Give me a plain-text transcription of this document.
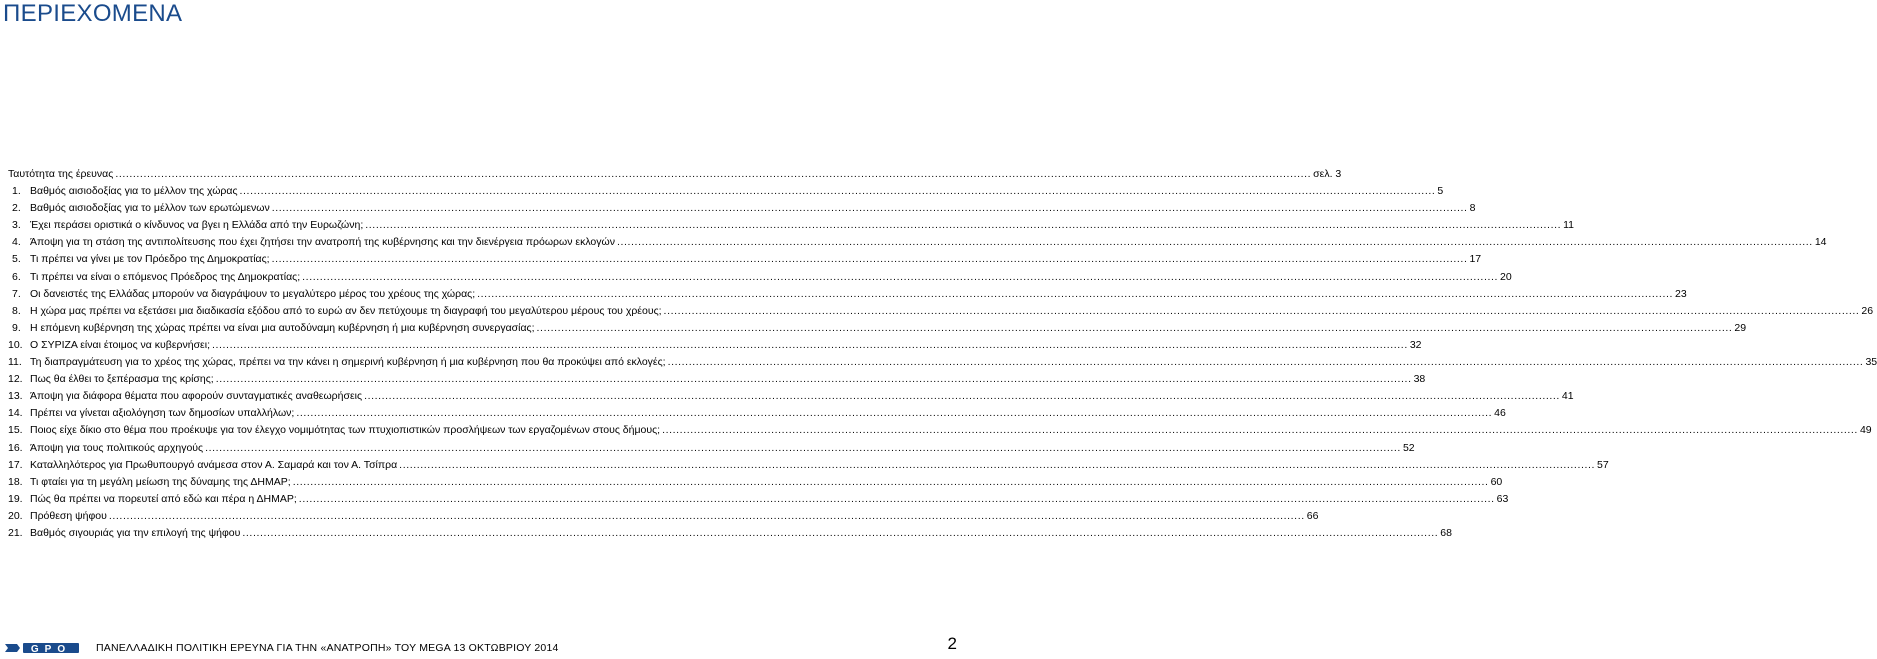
ΠΕΡΙΕΧΟΜΕΝΑ
Ταυτότητα της έρευνας .....	σελ. 3
1. Βαθμός αισιοδοξίας για το μέλλον της χώρας .....	5
2. Βαθμός αισιοδοξίας για το μέλλον των ερωτώμενων .....	8
3. Έχει περάσει οριστικά ο κίνδυνος να βγει η Ελλάδα από την Ευρωζώνη; .....	11
4. Άποψη για τη στάση της αντιπολίτευσης που έχει ζητήσει την ανατροπή της κυβέρνησης και την διενέργεια πρόωρων εκλογών .....	14
5. Τι πρέπει να γίνει με τον Πρόεδρο της Δημοκρατίας; .....	17
6. Τι πρέπει να είναι ο επόμενος Πρόεδρος της Δημοκρατίας; .....	20
7. Οι δανειστές της Ελλάδας μπορούν να διαγράψουν το μεγαλύτερο μέρος του χρέους της χώρας; .....	23
8. Η χώρα μας πρέπει να εξετάσει μια διαδικασία εξόδου από το ευρώ αν δεν πετύχουμε τη διαγραφή του μεγαλύτερου μέρους του χρέους; .....	26
9. Η επόμενη κυβέρνηση της χώρας πρέπει να είναι μια αυτοδύναμη κυβέρνηση ή μια κυβέρνηση συνεργασίας; .....	29
10. Ο ΣΥΡΙΖΑ είναι έτοιμος να κυβερνήσει; .....	32
11. Τη διαπραγμάτευση για το χρέος της χώρας, πρέπει να την κάνει η σημερινή κυβέρνηση ή μια κυβέρνηση που θα προκύψει από εκλογές; .....	35
12. Πως θα έλθει το ξεπέρασμα της κρίσης; .....	38
13. Άποψη για διάφορα θέματα που αφορούν συνταγματικές αναθεωρήσεις .....	41
14. Πρέπει να γίνεται αξιολόγηση των δημοσίων υπαλλήλων; .....	46
15. Ποιος είχε δίκιο στο θέμα που προέκυψε για τον έλεγχο νομιμότητας των πτυχιοπιστικών προσλήψεων των εργαζομένων στους δήμους; .....	49
16. Άποψη για τους πολιτικούς αρχηγούς .....	52
17. Καταλληλότερος για Πρωθυπουργό ανάμεσα στον Α. Σαμαρά και τον Α. Τσίπρα .....	57
18. Τι φταίει για τη μεγάλη μείωση της δύναμης της ΔΗΜΑΡ; .....	60
19. Πώς θα πρέπει να πορευτεί από εδώ και πέρα η ΔΗΜΑΡ; .....	63
20. Πρόθεση ψήφου .....	66
21. Βαθμός σιγουριάς για την επιλογή της ψήφου .....	68
GPO ΠΑΝΕΛΛΑΔΙΚΗ ΠΟΛΙΤΙΚΗ ΕΡΕΥΝΑ ΓΙΑ ΤΗΝ «ΑΝΑΤΡΟΠΗ» ΤΟΥ MEGA 13 ΟΚΤΩΒΡΙΟΥ 2014	2
